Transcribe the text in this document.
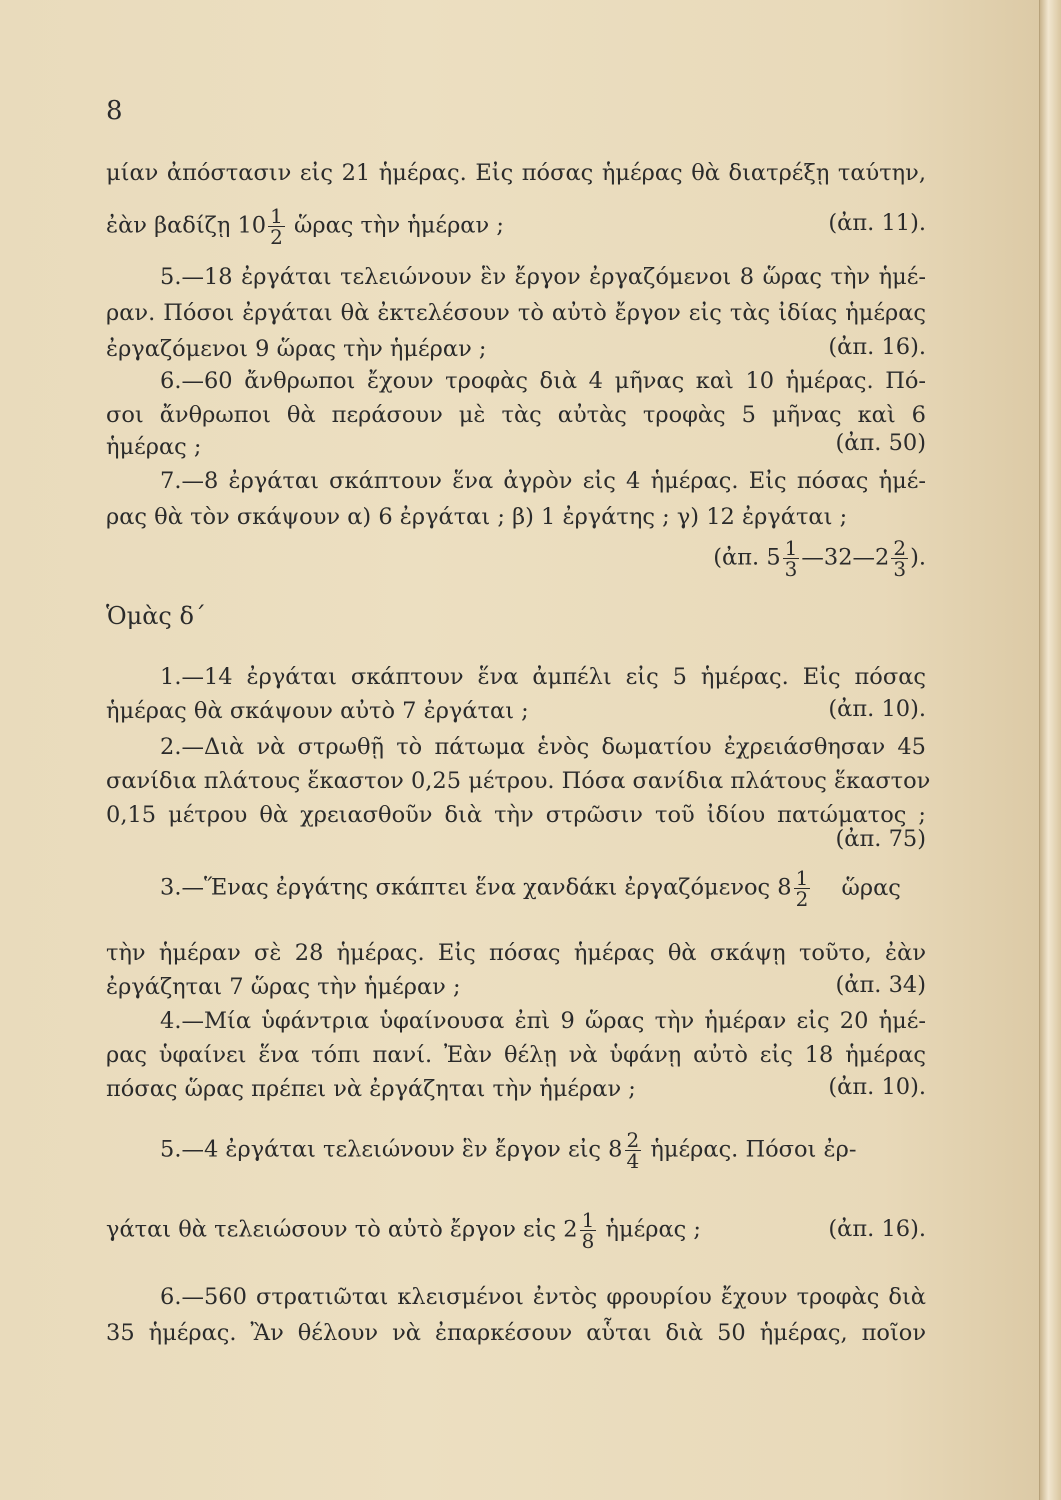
8
μίαν ἀπόστασιν εἰς 21 ἡμέρας. Εἰς πόσας ἡμέρας θὰ διατρέξῃ ταύτην,
ἐὰν βαδίζῃ $10 \frac{1}{2}$ ὥρας τὴν ἡμέραν ;	(ἀπ. 11).
5.—18 ἐργάται τελειώνουν ἓν ἔργον ἐργαζόμενοι 8 ὥρας τὴν ἡμέ-
ραν. Πόσοι ἐργάται θὰ ἐκτελέσουν τὸ αὐτὸ ἔργον εἰς τὰς ἰδίας ἡμέρας
ἐργαζόμενοι 9 ὥρας τὴν ἡμέραν ;	(ἀπ. 16).
6.—60 ἄνθρωποι ἔχουν τροφὰς διὰ 4 μῆνας καὶ 10 ἡμέρας. Πό-
σοι ἄνθρωποι θὰ περάσουν μὲ τὰς αὐτὰς τροφὰς 5 μῆνας καὶ 6
ἡμέρας ;	(ἀπ. 50)
7.—8 ἐργάται σκάπτουν ἕνα ἀγρὸν εἰς 4 ἡμέρας. Εἰς πόσας ἡμέ-
ρας θὰ τὸν σκάψουν α) 6 ἐργάται ; β) 1 ἐργάτης ; γ) 12 ἐργάται ;
(ἀπ. $5 \frac{1}{3}$ —32—2 $\frac{2}{3}$ ).
Ὁμὰς δ΄
1.—14 ἐργάται σκάπτουν ἕνα ἀμπέλι εἰς 5 ἡμέρας. Εἰς πόσας
ἡμέρας θὰ σκάψουν αὐτὸ 7 ἐργάται ;	(ἀπ. 10).
2.—Διὰ νὰ στρωθῇ τὸ πάτωμα ἑνὸς δωματίου ἐχρειάσθησαν 45
σανίδια πλάτους ἕκαστον 0,25 μέτρου. Πόσα σανίδια πλάτους ἕκαστον
0,15 μέτρου θὰ χρειασθοῦν διὰ τὴν στρῶσιν τοῦ ἰδίου πατώματος ;
(ἀπ. 75)
3.—Ἕνας ἐργάτης σκάπτει ἕνα χανδάκι ἐργαζόμενος $8 \frac{1}{2}$ ὥρας
τὴν ἡμέραν σὲ 28 ἡμέρας. Εἰς πόσας ἡμέρας θὰ σκάψῃ τοῦτο, ἐὰν
ἐργάζηται 7 ὥρας τὴν ἡμέραν ;	(ἀπ. 34)
4.—Μία ὑφάντρια ὑφαίνουσα ἐπὶ 9 ὥρας τὴν ἡμέραν εἰς 20 ἡμέ-
ρας ὑφαίνει ἕνα τόπι πανί. Ἐὰν θέλῃ νὰ ὑφάνῃ αὐτὸ εἰς 18 ἡμέρας
πόσας ὥρας πρέπει νὰ ἐργάζηται τὴν ἡμέραν ;	(ἀπ. 10).
5.—4 ἐργάται τελειώνουν ἓν ἔργον εἰς $8 \frac{2}{4}$ ἡμέρας. Πόσοι ἐρ-
γάται θὰ τελειώσουν τὸ αὐτὸ ἔργον εἰς $2 \frac{1}{8}$ ἡμέρας ;	(ἀπ. 16).
6.—560 στρατιῶται κλεισμένοι ἐντὸς φρουρίου ἔχουν τροφὰς διὰ
35 ἡμέρας. Ἂν θέλουν νὰ ἐπαρκέσουν αὗται διὰ 50 ἡμέρας, ποῖον
